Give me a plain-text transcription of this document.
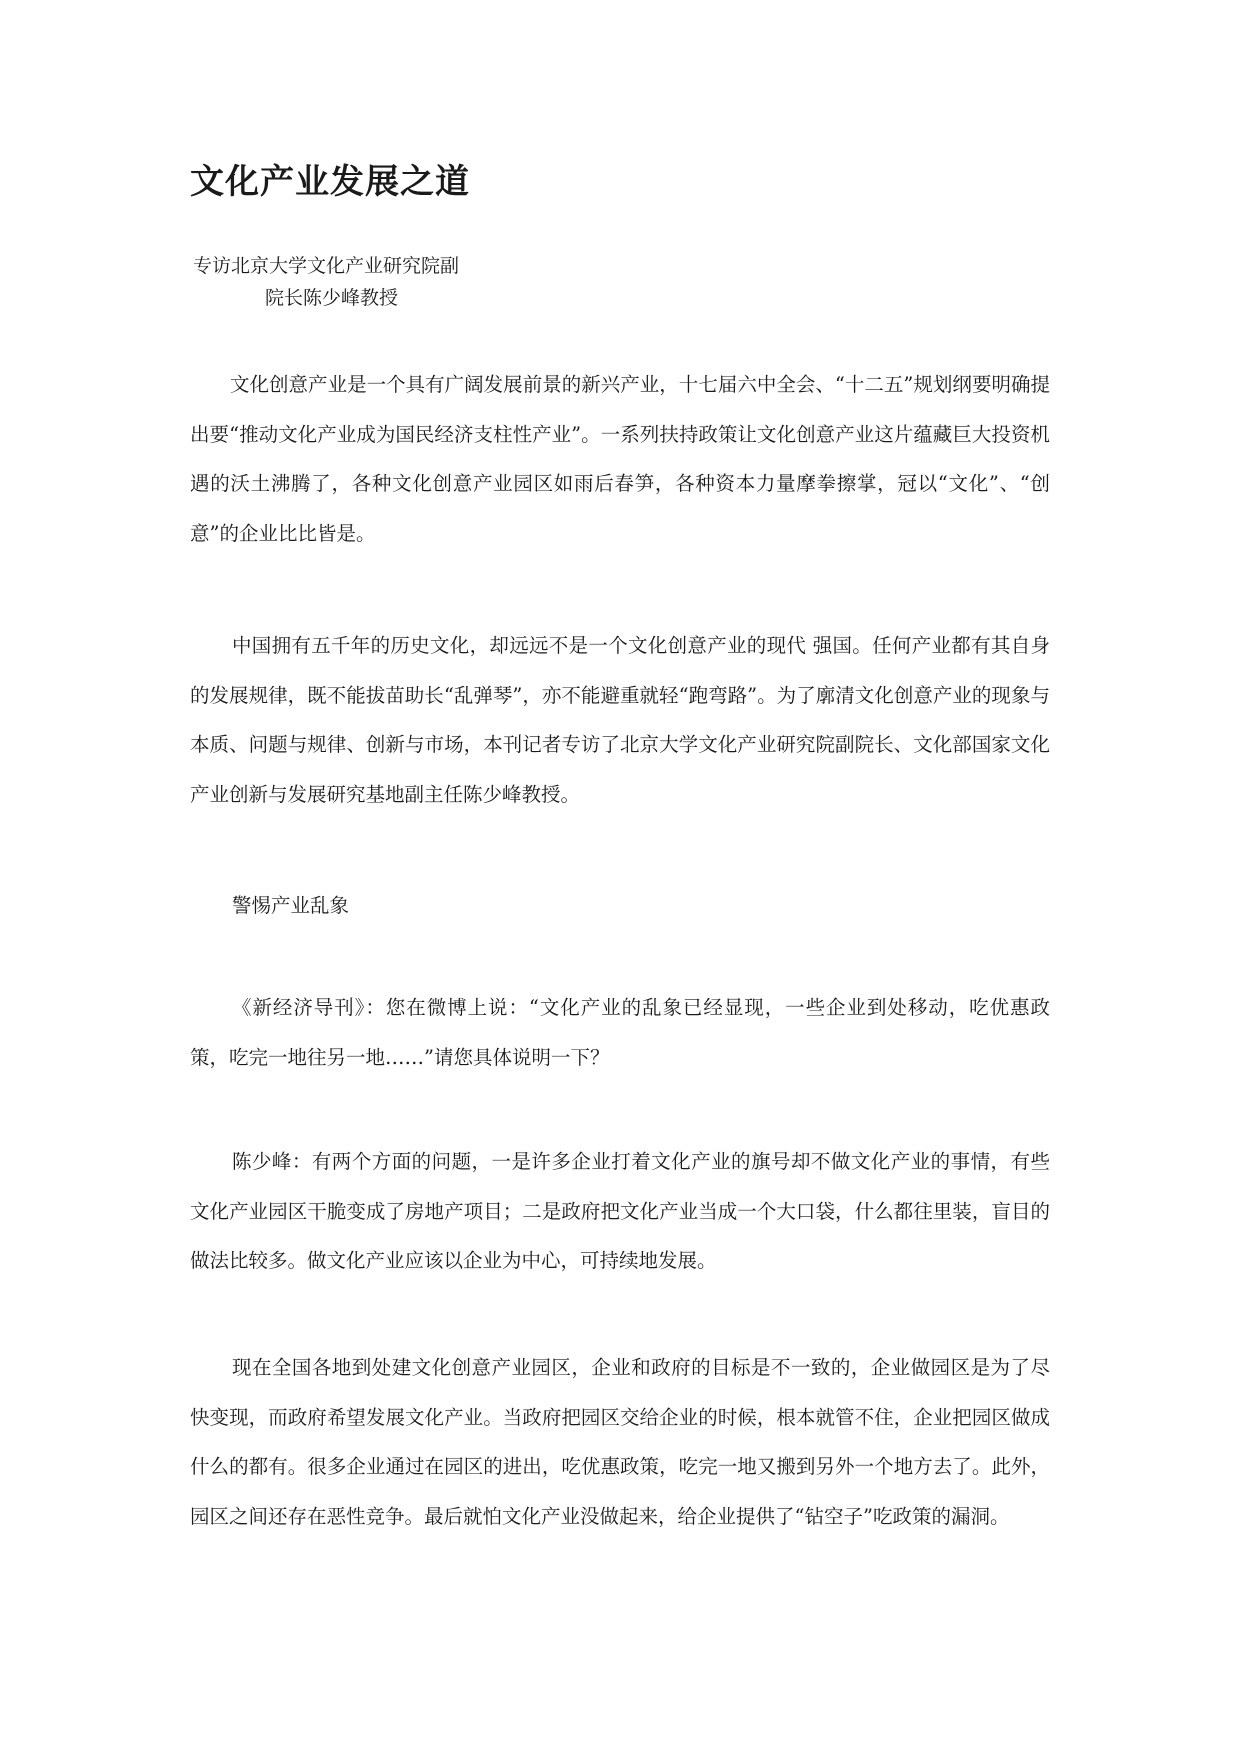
文化产业发展之道
专访北京大学文化产业研究院副
院长陈少峰教授

文化创意产业是一个具有广阔发展前景的新兴产业，十七届六中全会、“十二五”规划纲要明确提出要“推动文化产业成为国民经济支柱性产业”。一系列扶持政策让文化创意产业这片蕴藏巨大投资机遇的沃土沸腾了，各种文化创意产业园区如雨后春笋，各种资本力量摩拳擦掌，冠以“文化”、“创意”的企业比比皆是。

中国拥有五千年的历史文化，却远远不是一个文化创意产业的现代 强国。任何产业都有其自身的发展规律，既不能拔苗助长“乱弹琴”，亦不能避重就轻“跑弯路”。为了廓清文化创意产业的现象与本质、问题与规律、创新与市场，本刊记者专访了北京大学文化产业研究院副院长、文化部国家文化产业创新与发展研究基地副主任陈少峰教授。

警惕产业乱象

《新经济导刊》：您在微博上说：“文化产业的乱象已经显现，一些企业到处移动，吃优惠政策，吃完一地往另一地……”请您具体说明一下？

陈少峰：有两个方面的问题，一是许多企业打着文化产业的旗号却不做文化产业的事情，有些文化产业园区干脆变成了房地产项目；二是政府把文化产业当成一个大口袋，什么都往里装，盲目的做法比较多。做文化产业应该以企业为中心，可持续地发展。

现在全国各地到处建文化创意产业园区，企业和政府的目标是不一致的，企业做园区是为了尽快变现，而政府希望发展文化产业。当政府把园区交给企业的时候，根本就管不住，企业把园区做成什么的都有。很多企业通过在园区的进出，吃优惠政策，吃完一地又搬到另外一个地方去了。此外，园区之间还存在恶性竞争。最后就怕文化产业没做起来，给企业提供了“钻空子”吃政策的漏洞。
